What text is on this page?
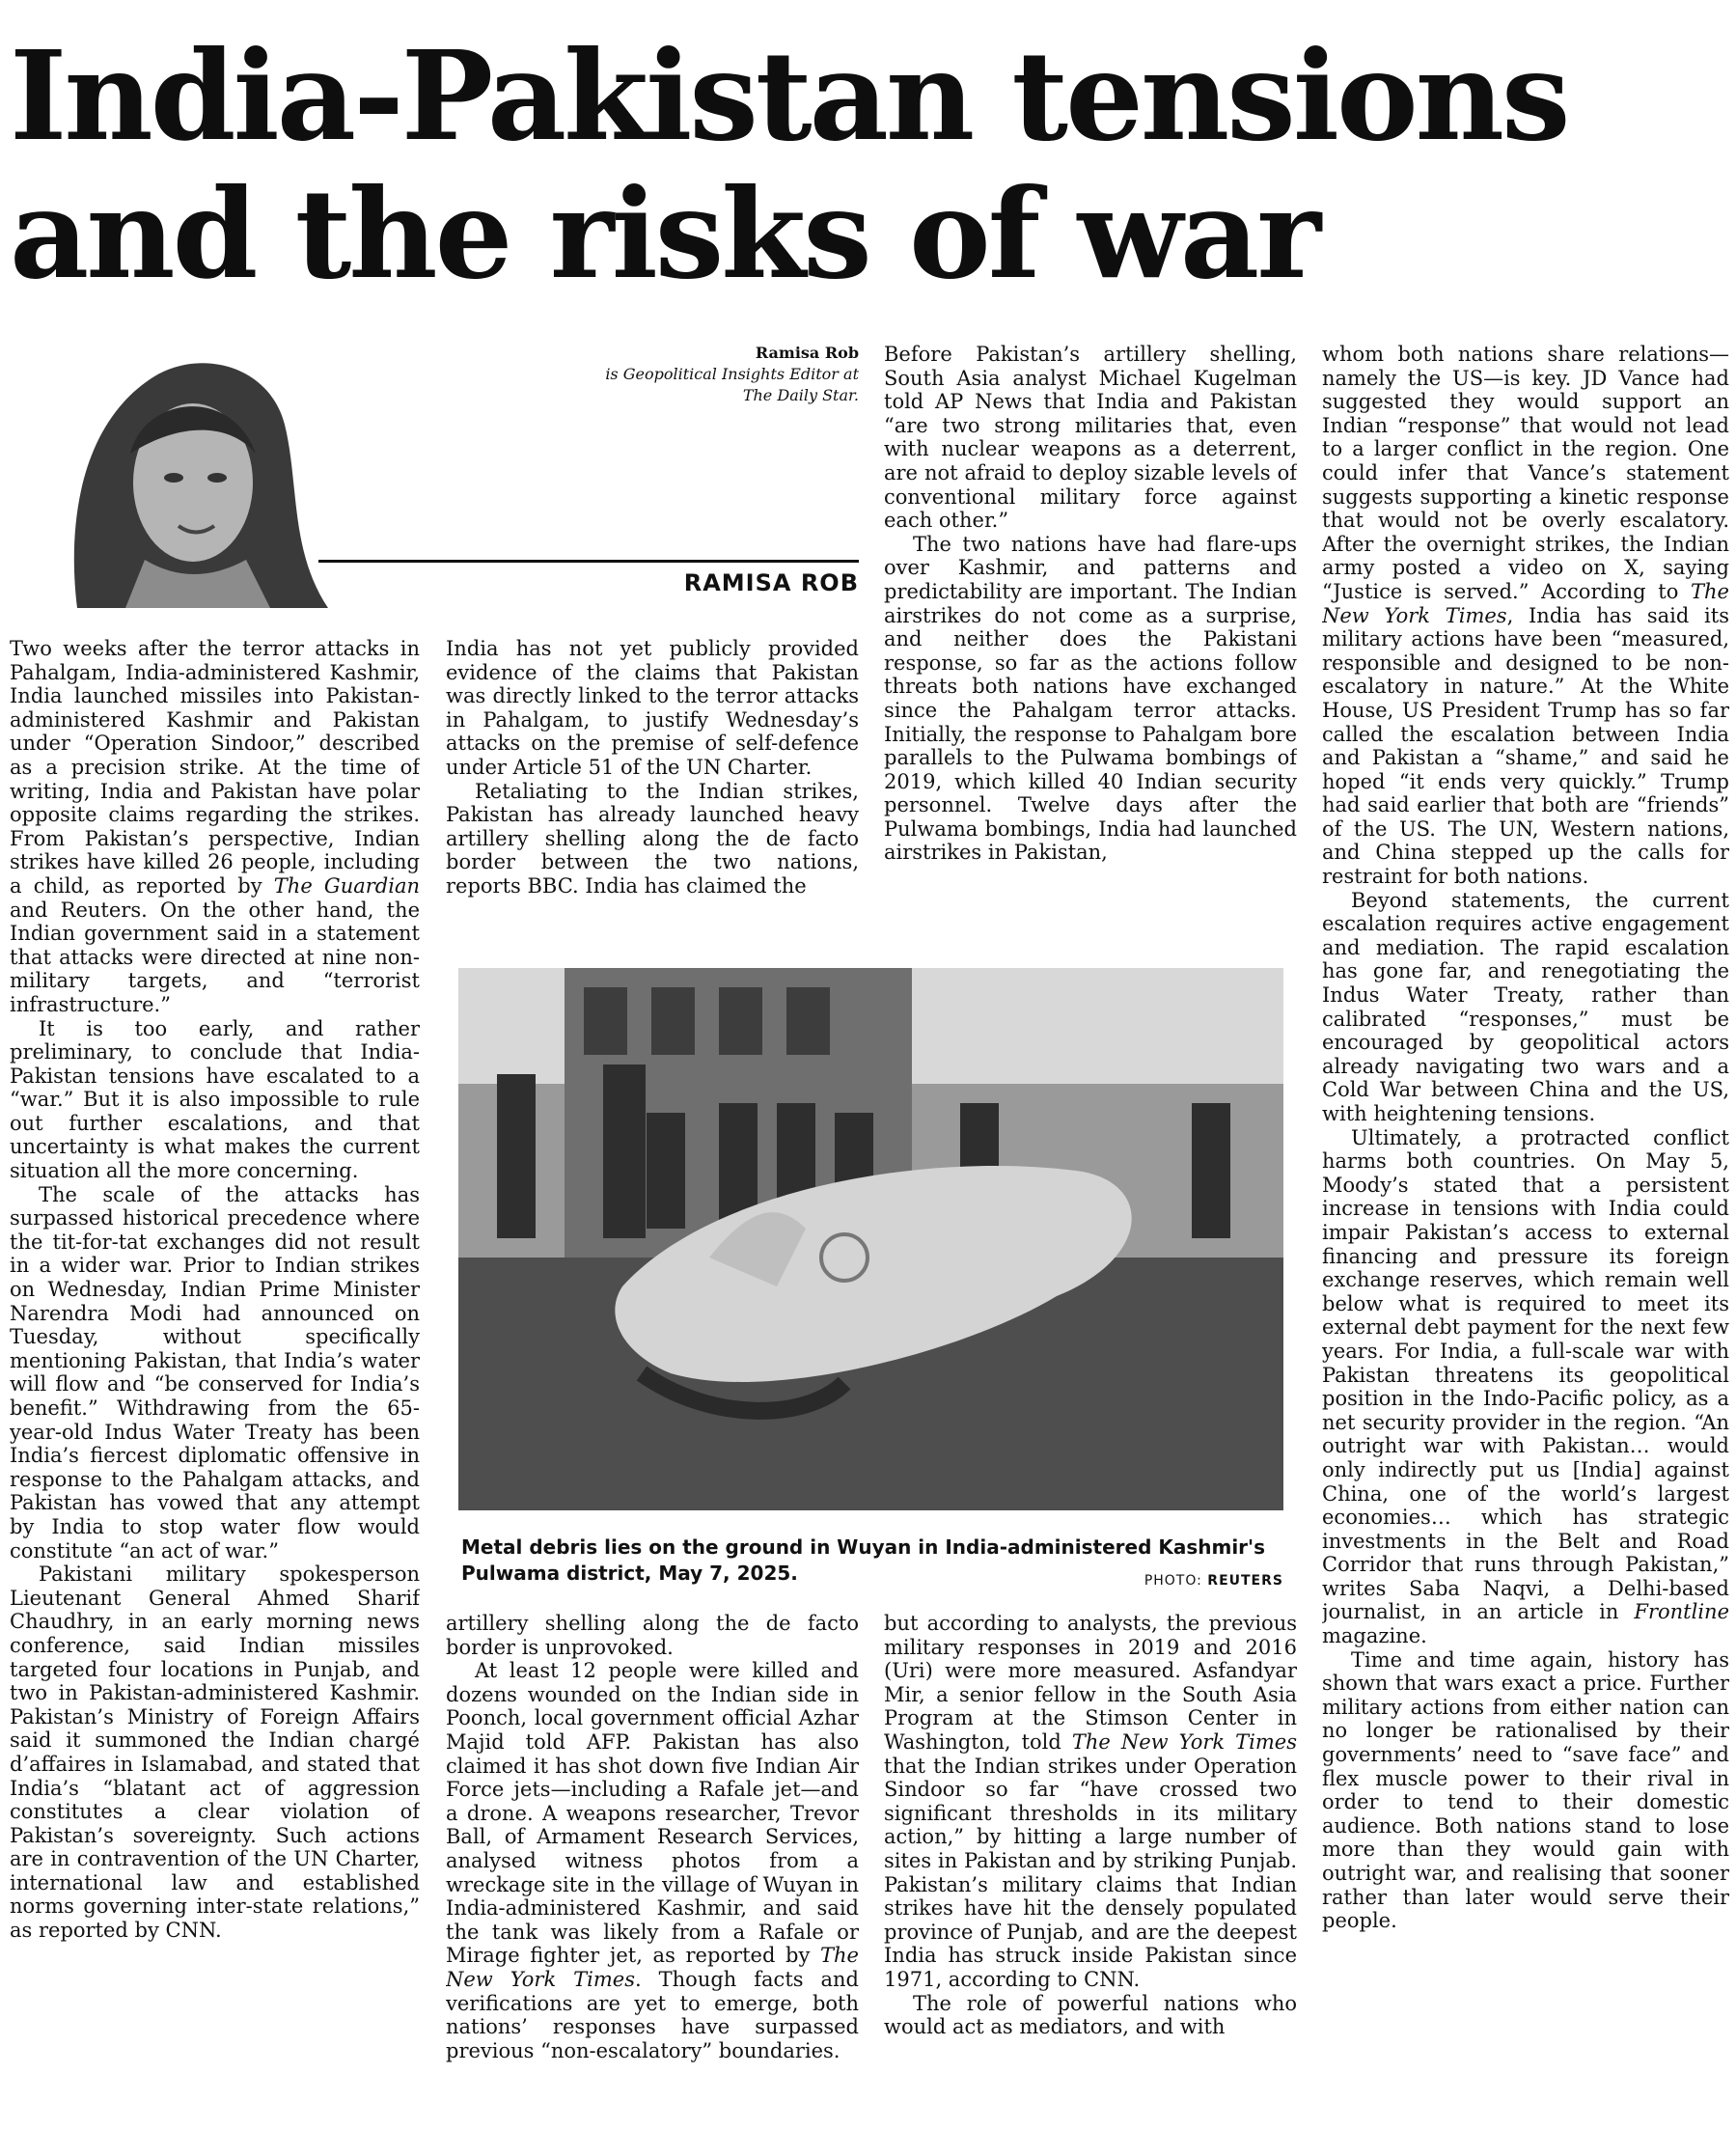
India-Pakistan tensions
and the risks of war
Ramisa Rob
is Geopolitical Insights Editor at
The Daily Star.
RAMISA ROB

Two weeks after the terror attacks in Pahalgam, India-administered Kashmir, India launched missiles into Pakistan-administered Kashmir and Pakistan under “Operation Sindoor,” described as a precision strike. At the time of writing, India and Pakistan have polar opposite claims regarding the strikes. From Pakistan’s perspective, Indian strikes have killed 26 people, including a child, as reported by The Guardian and Reuters. On the other hand, the Indian government said in a statement that attacks were directed at nine non-military targets, and “terrorist infrastructure.”

It is too early, and rather preliminary, to conclude that India-Pakistan tensions have escalated to a “war.” But it is also impossible to rule out further escalations, and that uncertainty is what makes the current situation all the more concerning.

The scale of the attacks has surpassed historical precedence where the tit-for-tat exchanges did not result in a wider war. Prior to Indian strikes on Wednesday, Indian Prime Minister Narendra Modi had announced on Tuesday, without specifically mentioning Pakistan, that India’s water will flow and “be conserved for India’s benefit.” Withdrawing from the 65-year-old Indus Water Treaty has been India’s fiercest diplomatic offensive in response to the Pahalgam attacks, and Pakistan has vowed that any attempt by India to stop water flow would constitute “an act of war.”

Pakistani military spokesperson Lieutenant General Ahmed Sharif Chaudhry, in an early morning news conference, said Indian missiles targeted four locations in Punjab, and two in Pakistan-administered Kashmir. Pakistan’s Ministry of Foreign Affairs said it summoned the Indian chargé d’affaires in Islamabad, and stated that India’s “blatant act of aggression constitutes a clear violation of Pakistan’s sovereignty. Such actions are in contravention of the UN Charter, international law and established norms governing inter-state relations,” as reported by CNN.

India has not yet publicly provided evidence of the claims that Pakistan was directly linked to the terror attacks in Pahalgam, to justify Wednesday’s attacks on the premise of self-defence under Article 51 of the UN Charter.

Retaliating to the Indian strikes, Pakistan has already launched heavy artillery shelling along the de facto border between the two nations, reports BBC. India has claimed the

Before Pakistan’s artillery shelling, South Asia analyst Michael Kugelman told AP News that India and Pakistan “are two strong militaries that, even with nuclear weapons as a deterrent, are not afraid to deploy sizable levels of conventional military force against each other.”

The two nations have had flare-ups over Kashmir, and patterns and predictability are important. The Indian airstrikes do not come as a surprise, and neither does the Pakistani response, so far as the actions follow threats both nations have exchanged since the Pahalgam terror attacks. Initially, the response to Pahalgam bore parallels to the Pulwama bombings of 2019, which killed 40 Indian security personnel. Twelve days after the Pulwama bombings, India had launched airstrikes in Pakistan,

Metal debris lies on the ground in Wuyan in India-administered Kashmir's Pulwama district, May 7, 2025.	PHOTO: REUTERS

artillery shelling along the de facto border is unprovoked.

At least 12 people were killed and dozens wounded on the Indian side in Poonch, local government official Azhar Majid told AFP. Pakistan has also claimed it has shot down five Indian Air Force jets—including a Rafale jet—and a drone. A weapons researcher, Trevor Ball, of Armament Research Services, analysed witness photos from a wreckage site in the village of Wuyan in India-administered Kashmir, and said the tank was likely from a Rafale or Mirage fighter jet, as reported by The New York Times. Though facts and verifications are yet to emerge, both nations’ responses have surpassed previous “non-escalatory” boundaries.

but according to analysts, the previous military responses in 2019 and 2016 (Uri) were more measured. Asfandyar Mir, a senior fellow in the South Asia Program at the Stimson Center in Washington, told The New York Times that the Indian strikes under Operation Sindoor so far “have crossed two significant thresholds in its military action,” by hitting a large number of sites in Pakistan and by striking Punjab. Pakistan’s military claims that Indian strikes have hit the densely populated province of Punjab, and are the deepest India has struck inside Pakistan since 1971, according to CNN.

The role of powerful nations who would act as mediators, and with

whom both nations share relations—namely the US—is key. JD Vance had suggested they would support an Indian “response” that would not lead to a larger conflict in the region. One could infer that Vance’s statement suggests supporting a kinetic response that would not be overly escalatory. After the overnight strikes, the Indian army posted a video on X, saying “Justice is served.” According to The New York Times, India has said its military actions have been “measured, responsible and designed to be non-escalatory in nature.” At the White House, US President Trump has so far called the escalation between India and Pakistan a “shame,” and said he hoped “it ends very quickly.” Trump had said earlier that both are “friends” of the US. The UN, Western nations, and China stepped up the calls for restraint for both nations.

Beyond statements, the current escalation requires active engagement and mediation. The rapid escalation has gone far, and renegotiating the Indus Water Treaty, rather than calibrated “responses,” must be encouraged by geopolitical actors already navigating two wars and a Cold War between China and the US, with heightening tensions.

Ultimately, a protracted conflict harms both countries. On May 5, Moody’s stated that a persistent increase in tensions with India could impair Pakistan’s access to external financing and pressure its foreign exchange reserves, which remain well below what is required to meet its external debt payment for the next few years. For India, a full-scale war with Pakistan threatens its geopolitical position in the Indo-Pacific policy, as a net security provider in the region. “An outright war with Pakistan… would only indirectly put us [India] against China, one of the world’s largest economies… which has strategic investments in the Belt and Road Corridor that runs through Pakistan,” writes Saba Naqvi, a Delhi-based journalist, in an article in Frontline magazine.

Time and time again, history has shown that wars exact a price. Further military actions from either nation can no longer be rationalised by their governments’ need to “save face” and flex muscle power to their rival in order to tend to their domestic audience. Both nations stand to lose more than they would gain with outright war, and realising that sooner rather than later would serve their people.
